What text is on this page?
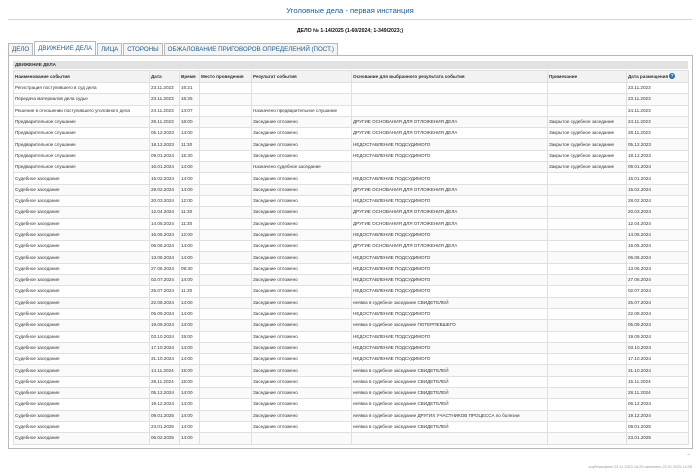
Уголовные дела - первая инстанция
ДЕЛО № 1-14/2025 (1-60/2024; 1-349/2023;)
ДЕЛО	ДВИЖЕНИЕ ДЕЛА	ЛИЦА	СТОРОНЫ	ОБЖАЛОВАНИЕ ПРИГОВОРОВ ОПРЕДЕЛЕНИЙ (ПОСТ.)
ДВИЖЕНИЕ ДЕЛА
Наименование события	Дата	Время	Место проведения	Результат события	Основание для выбранного результата события	Примечание	Дата размещения ?
Регистрация поступившего в суд дела	23.11.2023	16:21					23.11.2023
Передача материалов дела судье	23.11.2023	16:25					23.11.2023
Решение в отношении поступившего уголовного дела	24.11.2023	14:07		Назначено предварительное слушание			24.11.2023
Предварительное слушание	28.11.2023	16:00		Заседание отложено	ДРУГИЕ ОСНОВАНИЯ ДЛЯ ОТЛОЖЕНИЯ ДЕЛА	Закрытое судебное заседание	24.11.2023
Предварительное слушание	05.12.2023	14:00		Заседание отложено	ДРУГИЕ ОСНОВАНИЯ ДЛЯ ОТЛОЖЕНИЯ ДЕЛА	Закрытое судебное заседание	28.11.2023
Предварительное слушание	18.12.2023	11:30		Заседание отложено	НЕДОСТАВЛЕНИЕ ПОДСУДИМОГО	Закрытое судебное заседание	05.12.2023
Предварительное слушание	09.01.2024	15:30		Заседание отложено	НЕДОСТАВЛЕНИЕ ПОДСУДИМОГО	Закрытое судебное заседание	18.12.2023
Предварительное слушание	16.01.2024	14:00		Назначено судебное заседание		Закрытое судебное заседание	09.01.2024
Судебное заседание	15.02.2024	14:00		Заседание отложено	НЕДОСТАВЛЕНИЕ ПОДСУДИМОГО		16.01.2024
Судебное заседание	29.02.2024	14:00		Заседание отложено	ДРУГИЕ ОСНОВАНИЯ ДЛЯ ОТЛОЖЕНИЯ ДЕЛА		15.02.2024
Судебное заседание	20.03.2024	12:00		Заседание отложено	НЕДОСТАВЛЕНИЕ ПОДСУДИМОГО		28.02.2024
Судебное заседание	12.04.2024	11:30		Заседание отложено	ДРУГИЕ ОСНОВАНИЯ ДЛЯ ОТЛОЖЕНИЯ ДЕЛА		20.03.2024
Судебное заседание	14.05.2024	11:30		Заседание отложено	ДРУГИЕ ОСНОВАНИЯ ДЛЯ ОТЛОЖЕНИЯ ДЕЛА		12.04.2024
Судебное заседание	16.05.2024	12:00		Заседание отложено	НЕДОСТАВЛЕНИЕ ПОДСУДИМОГО		14.05.2024
Судебное заседание	06.06.2024	14:00		Заседание отложено	ДРУГИЕ ОСНОВАНИЯ ДЛЯ ОТЛОЖЕНИЯ ДЕЛА		16.05.2024
Судебное заседание	13.06.2024	14:00		Заседание отложено	НЕДОСТАВЛЕНИЕ ПОДСУДИМОГО		06.06.2024
Судебное заседание	27.06.2024	09:30		Заседание отложено	НЕДОСТАВЛЕНИЕ ПОДСУДИМОГО		13.06.2024
Судебное заседание	02.07.2024	14:00		Заседание отложено	НЕДОСТАВЛЕНИЕ ПОДСУДИМОГО		27.06.2024
Судебное заседание	25.07.2024	11:30		Заседание отложено	НЕДОСТАВЛЕНИЕ ПОДСУДИМОГО		02.07.2024
Судебное заседание	22.08.2024	14:00		Заседание отложено	неявка в судебное заседание СВИДЕТЕЛЕЙ		25.07.2024
Судебное заседание	05.09.2024	14:00		Заседание отложено	НЕДОСТАВЛЕНИЕ ПОДСУДИМОГО		22.08.2024
Судебное заседание	19.09.2024	14:00		Заседание отложено	неявка в судебное заседание ПОТЕРПЕВШЕГО		05.09.2024
Судебное заседание	03.10.2024	15:00		Заседание отложено	НЕДОСТАВЛЕНИЕ ПОДСУДИМОГО		19.09.2024
Судебное заседание	17.10.2024	14:00		Заседание отложено	НЕДОСТАВЛЕНИЕ ПОДСУДИМОГО		03.10.2024
Судебное заседание	31.10.2024	14:00		Заседание отложено	НЕДОСТАВЛЕНИЕ ПОДСУДИМОГО		17.10.2024
Судебное заседание	14.11.2024	15:00		Заседание отложено	неявка в судебное заседание СВИДЕТЕЛЕЙ		31.10.2024
Судебное заседание	28.11.2024	15:00		Заседание отложено	неявка в судебное заседание СВИДЕТЕЛЕЙ		15.11.2024
Судебное заседание	05.12.2024	14:00		Заседание отложено	неявка в судебное заседание СВИДЕТЕЛЕЙ		28.11.2024
Судебное заседание	19.12.2024	14:00		Заседание отложено	неявка в судебное заседание СВИДЕТЕЛЕЙ		06.12.2024
Судебное заседание	09.01.2025	14:00		Заседание отложено	неявка в судебное заседание ДРУГИХ УЧАСТНИКОВ ПРОЦЕССА по болезни		19.12.2024
Судебное заседание	23.01.2025	14:00		Заседание отложено	неявка в судебное заседание СВИДЕТЕЛЕЙ		09.01.2025
Судебное заседание	06.02.2025	14:00					23.01.2025
⌃
опубликовано 23.11.2023 16:26 изменено 23.01.2025 14:09
